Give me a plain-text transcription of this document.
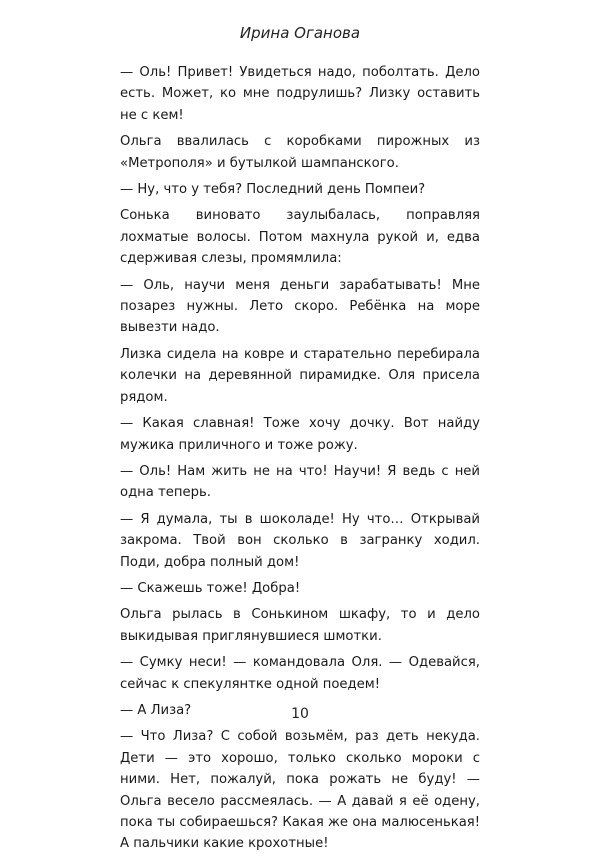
Ирина Оганова

— Оль! Привет! Увидеться надо, поболтать. Дело есть. Может, ко мне подрулишь? Лизку оставить не с кем!

Ольга ввалилась с коробками пирожных из «Метрополя» и бутылкой шампанского.

— Ну, что у тебя? Последний день Помпеи?

Сонька виновато заулыбалась, поправляя лохматые волосы. Потом махнула рукой и, едва сдерживая слезы, промямлила:

— Оль, научи меня деньги зарабатывать! Мне позарез нужны. Лето скоро. Ребёнка на море вывезти надо.

Лизка сидела на ковре и старательно перебирала колечки на деревянной пирамидке. Оля присела рядом.

— Какая славная! Тоже хочу дочку. Вот найду мужика приличного и тоже рожу.

— Оль! Нам жить не на что! Научи! Я ведь с ней одна теперь.

— Я думала, ты в шоколаде! Ну что… Открывай закрома. Твой вон сколько в загранку ходил. Поди, добра полный дом!

— Скажешь тоже! Добра!

Ольга рылась в Сонькином шкафу, то и дело выкидывая приглянувшиеся шмотки.

— Сумку неси! — командовала Оля. — Одевайся, сейчас к спекулянтке одной поедем!

— А Лиза?

— Что Лиза? С собой возьмём, раз деть некуда. Дети — это хорошо, только сколько мороки с ними. Нет, пожалуй, пока рожать не буду! — Ольга весело рассмеялась. — А давай я её одену, пока ты собираешься? Какая же она малюсенькая! А пальчики какие крохотные!

10
